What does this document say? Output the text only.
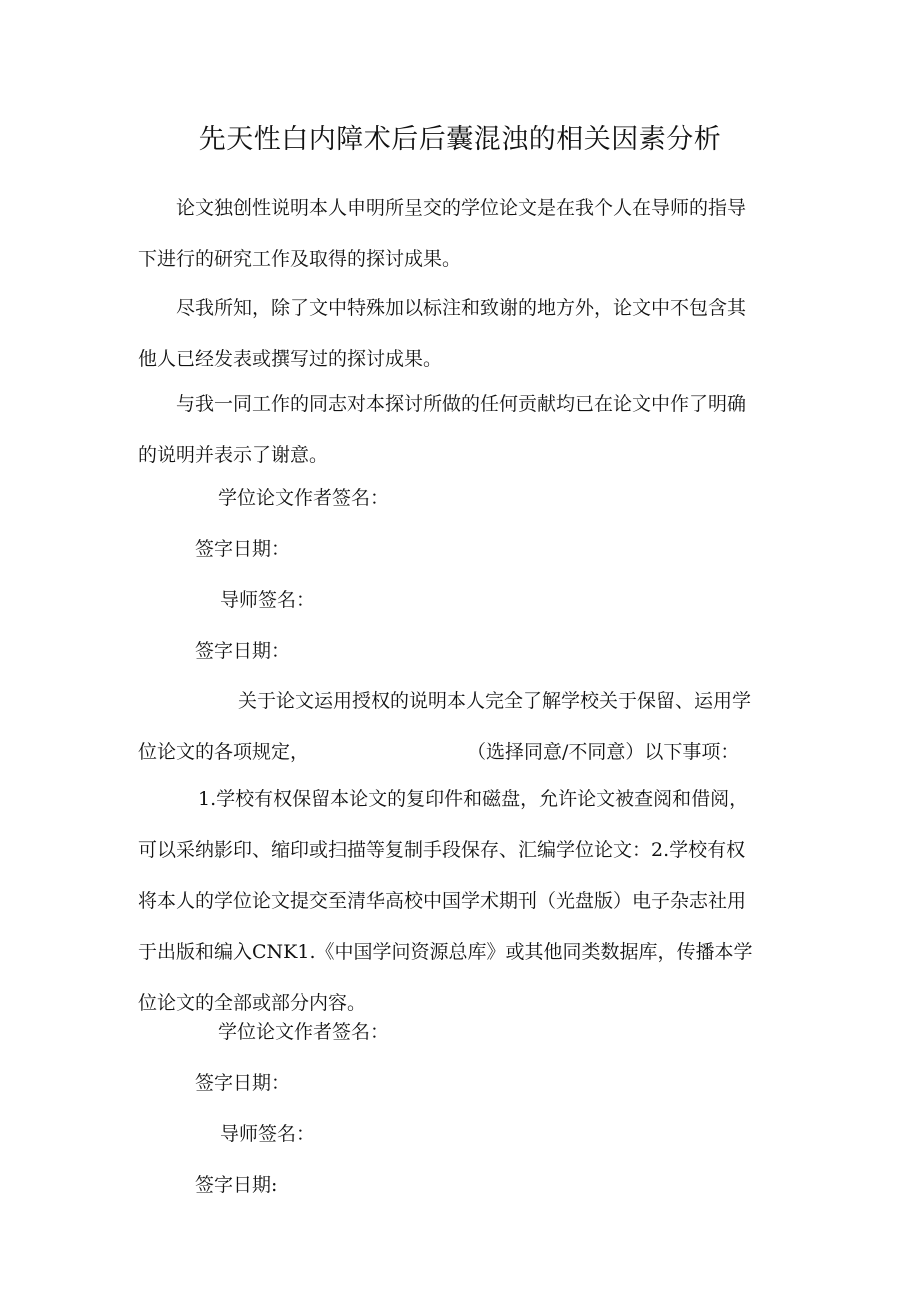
先天性白内障术后后囊混浊的相关因素分析

论文独创性说明本人申明所呈交的学位论文是在我个人在导师的指导

下进行的研究工作及取得的探讨成果。

尽我所知，除了文中特殊加以标注和致谢的地方外，论文中不包含其

他人已经发表或撰写过的探讨成果。

与我一同工作的同志对本探讨所做的任何贡献均已在论文中作了明确

的说明并表示了谢意。

学位论文作者签名：

签字日期：

导师签名：

签字日期：

关于论文运用授权的说明本人完全了解学校关于保留、运用学

位论文的各项规定，	（选择同意/不同意）以下事项：

1.学校有权保留本论文的复印件和磁盘，允许论文被查阅和借阅，

可以采纳影印、缩印或扫描等复制手段保存、汇编学位论文：2.学校有权

将本人的学位论文提交至清华高校中国学术期刊（光盘版）电子杂志社用

于出版和编入CNK1.《中国学问资源总库》或其他同类数据库，传播本学

位论文的全部或部分内容。

学位论文作者签名：

签字日期：

导师签名：

签字日期:
